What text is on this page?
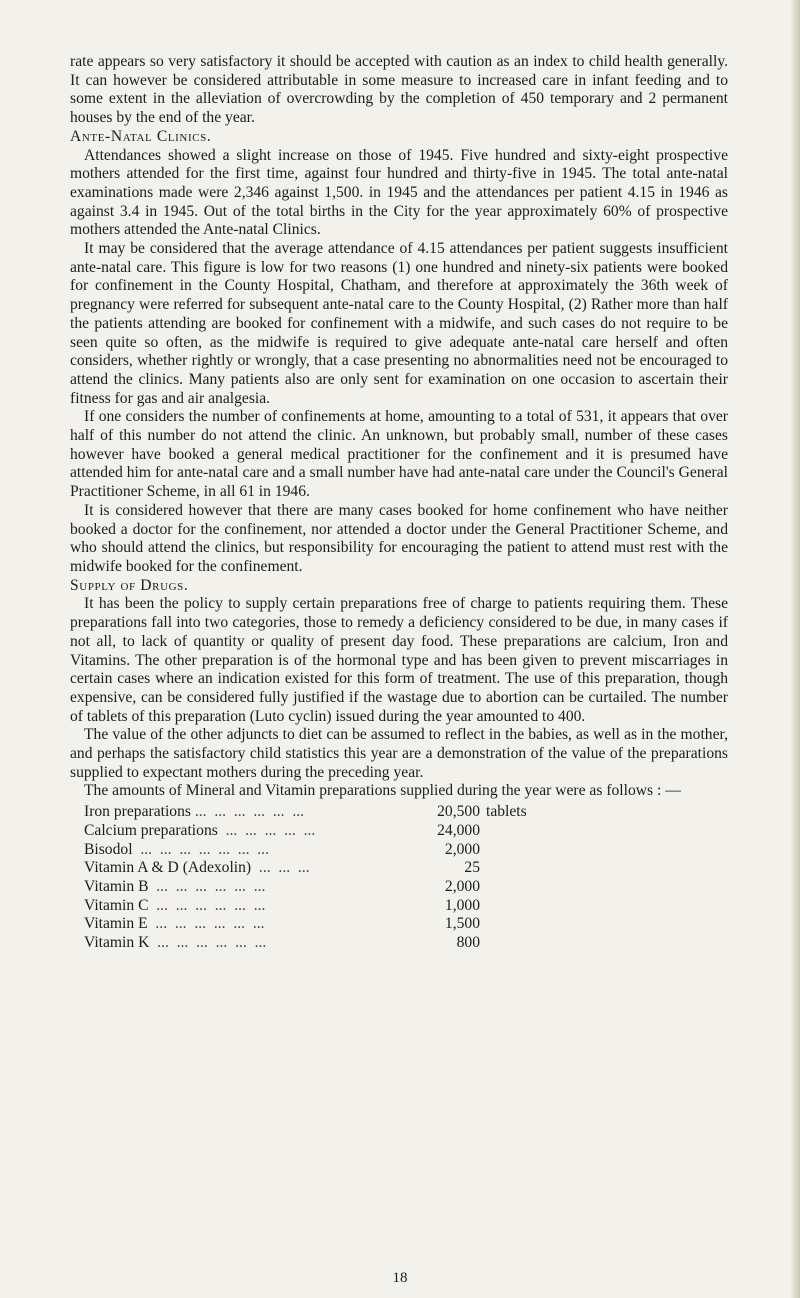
rate appears so very satisfactory it should be accepted with caution as an index to child health generally. It can however be considered attributable in some measure to increased care in infant feeding and to some extent in the alleviation of overcrowding by the completion of 450 temporary and 2 permanent houses by the end of the year.

Ante-Natal Clinics.

Attendances showed a slight increase on those of 1945. Five hundred and sixty-eight prospective mothers attended for the first time, against four hundred and thirty-five in 1945. The total ante-natal examinations made were 2,346 against 1,500. in 1945 and the attendances per patient 4.15 in 1946 as against 3.4 in 1945. Out of the total births in the City for the year approximately 60% of prospective mothers attended the Ante-natal Clinics.

It may be considered that the average attendance of 4.15 attendances per patient suggests insufficient ante-natal care. This figure is low for two reasons (1) one hundred and ninety-six patients were booked for confinement in the County Hospital, Chatham, and therefore at approximately the 36th week of pregnancy were referred for subsequent ante-natal care to the County Hospital, (2) Rather more than half the patients attending are booked for confinement with a midwife, and such cases do not require to be seen quite so often, as the midwife is required to give adequate ante-natal care herself and often considers, whether rightly or wrongly, that a case presenting no abnormalities need not be encouraged to attend the clinics. Many patients also are only sent for examination on one occasion to ascertain their fitness for gas and air analgesia.

If one considers the number of confinements at home, amounting to a total of 531, it appears that over half of this number do not attend the clinic. An unknown, but probably small, number of these cases however have booked a general medical practitioner for the confinement and it is presumed have attended him for ante-natal care and a small number have had ante-natal care under the Council's General Practitioner Scheme, in all 61 in 1946.

It is considered however that there are many cases booked for home confinement who have neither booked a doctor for the confinement, nor attended a doctor under the General Practitioner Scheme, and who should attend the clinics, but responsibility for encouraging the patient to attend must rest with the midwife booked for the confinement.

Supply of Drugs.

It has been the policy to supply certain preparations free of charge to patients requiring them. These preparations fall into two categories, those to remedy a deficiency considered to be due, in many cases if not all, to lack of quantity or quality of present day food. These preparations are calcium, Iron and Vitamins. The other preparation is of the hormonal type and has been given to prevent miscarriages in certain cases where an indication existed for this form of treatment. The use of this preparation, though expensive, can be considered fully justified if the wastage due to abortion can be curtailed. The number of tablets of this preparation (Luto cyclin) issued during the year amounted to 400.

The value of the other adjuncts to diet can be assumed to reflect in the babies, as well as in the mother, and perhaps the satisfactory child statistics this year are a demonstration of the value of the preparations supplied to expectant mothers during the preceding year.

The amounts of Mineral and Vitamin preparations supplied during the year were as follows : —

Iron preparations ...  ...  ...  ...  ...  ...	20,500	tablets
Calcium preparations  ...  ...  ...  ...  ...	24,000	
Bisodol  ...  ...  ...  ...  ...  ...  ...	2,000	
Vitamin A & D (Adexolin)  ...  ...  ...	25	
Vitamin B  ...  ...  ...  ...  ...  ...	2,000	
Vitamin C  ...  ...  ...  ...  ...  ...	1,000	
Vitamin E  ...  ...  ...  ...  ...  ...	1,500	
Vitamin K  ...  ...  ...  ...  ...  ...	800	
18
